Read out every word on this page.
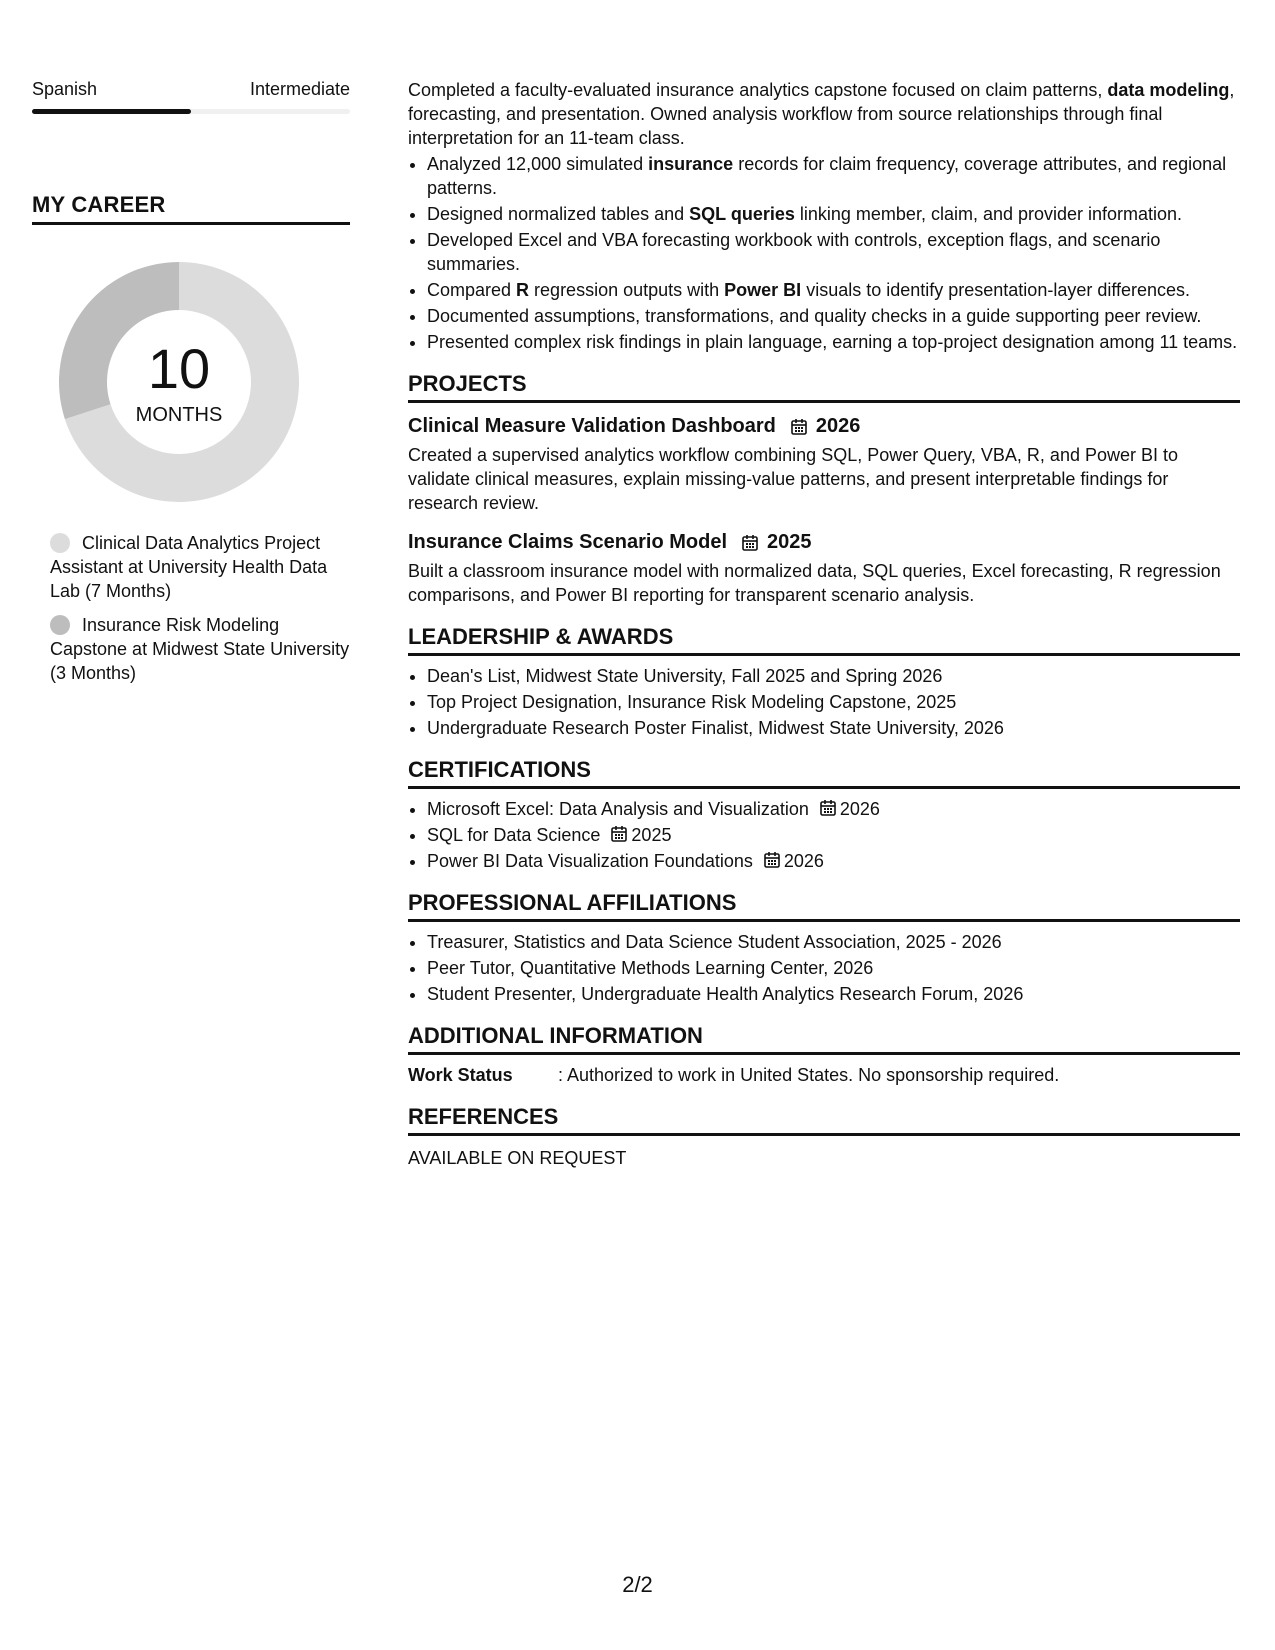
Spanish	Intermediate
MY CAREER
10
MONTHS
Clinical Data Analytics Project Assistant at University Health Data Lab (7 Months)
Insurance Risk Modeling Capstone at Midwest State University (3 Months)

Completed a faculty-evaluated insurance analytics capstone focused on claim patterns, data modeling, forecasting, and presentation. Owned analysis workflow from source relationships through final interpretation for an 11-team class.

• Analyzed 12,000 simulated insurance records for claim frequency, coverage attributes, and regional patterns.
• Designed normalized tables and SQL queries linking member, claim, and provider information.
• Developed Excel and VBA forecasting workbook with controls, exception flags, and scenario summaries.
• Compared R regression outputs with Power BI visuals to identify presentation-layer differences.
• Documented assumptions, transformations, and quality checks in a guide supporting peer review.
• Presented complex risk findings in plain language, earning a top-project designation among 11 teams.
PROJECTS
Clinical Measure Validation Dashboard 2026
Created a supervised analytics workflow combining SQL, Power Query, VBA, R, and Power BI to validate clinical measures, explain missing-value patterns, and present interpretable findings for research review.
Insurance Claims Scenario Model 2025
Built a classroom insurance model with normalized data, SQL queries, Excel forecasting, R regression comparisons, and Power BI reporting for transparent scenario analysis.
LEADERSHIP & AWARDS
• Dean's List, Midwest State University, Fall 2025 and Spring 2026
• Top Project Designation, Insurance Risk Modeling Capstone, 2025
• Undergraduate Research Poster Finalist, Midwest State University, 2026
CERTIFICATIONS
• Microsoft Excel: Data Analysis and Visualization 2026
• SQL for Data Science 2025
• Power BI Data Visualization Foundations 2026
PROFESSIONAL AFFILIATIONS
• Treasurer, Statistics and Data Science Student Association, 2025 - 2026
• Peer Tutor, Quantitative Methods Learning Center, 2026
• Student Presenter, Undergraduate Health Analytics Research Forum, 2026
ADDITIONAL INFORMATION
Work Status	: Authorized to work in United States. No sponsorship required.
REFERENCES
AVAILABLE ON REQUEST
2/2
